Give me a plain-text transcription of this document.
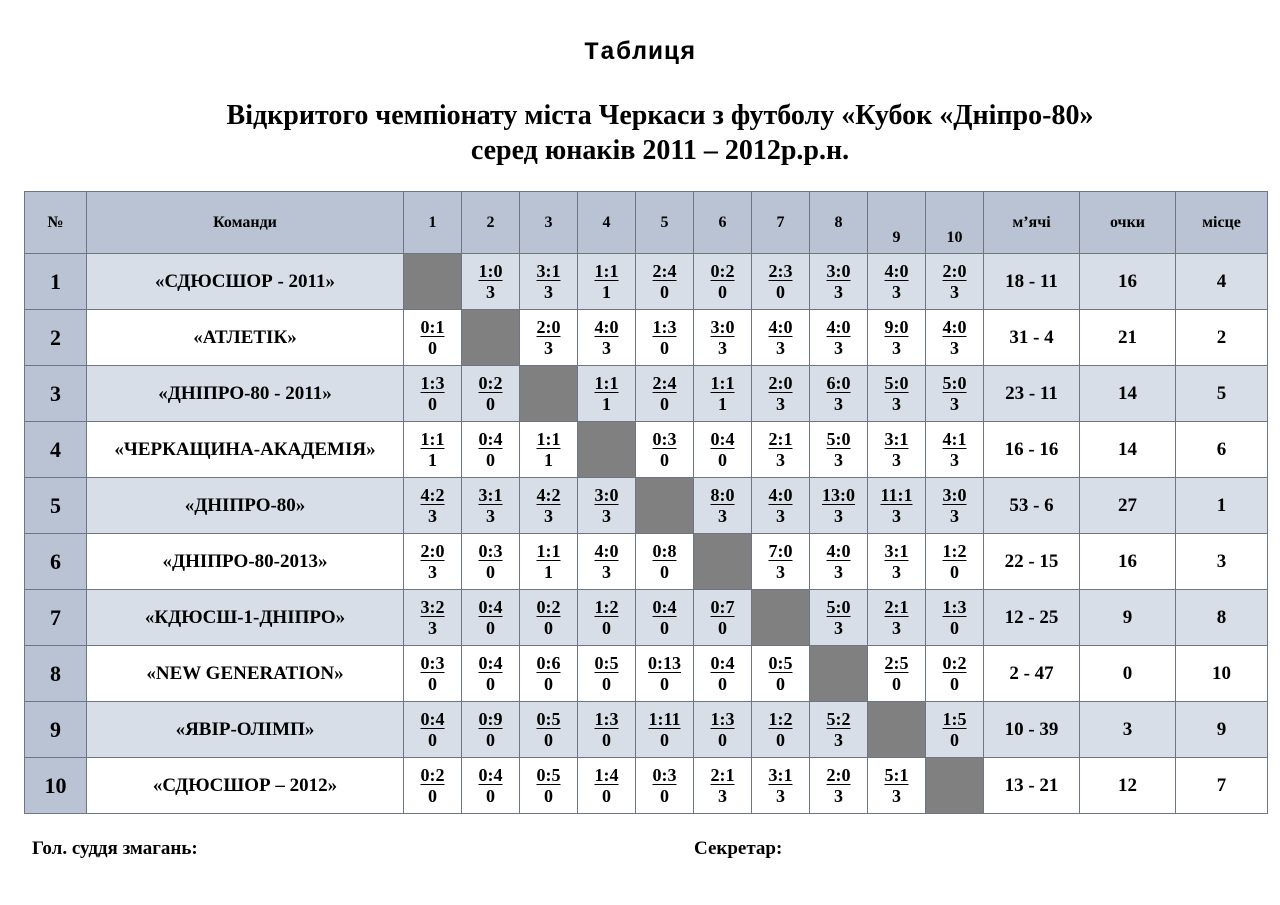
Таблиця
Відкритого чемпіонату міста Черкаси з футболу «Кубок «Дніпро-80»
серед юнаків 2011 – 2012р.р.н.
№	Команди	1	2	3	4	5	6	7	8	9	10	м’ячі	очки	місце
1	«СДЮСШОР - 2011»		$\frac{1:0}{3}$	$\frac{3:1}{3}$	$\frac{1:1}{1}$	$\frac{2:4}{0}$	$\frac{0:2}{0}$	$\frac{2:3}{0}$	$\frac{3:0}{3}$	$\frac{4:0}{3}$	$\frac{2:0}{3}$	18 - 11	16	4
2	«АТЛЕТІК»	$\frac{0:1}{0}$		$\frac{2:0}{3}$	$\frac{4:0}{3}$	$\frac{1:3}{0}$	$\frac{3:0}{3}$	$\frac{4:0}{3}$	$\frac{4:0}{3}$	$\frac{9:0}{3}$	$\frac{4:0}{3}$	31 - 4	21	2
3	«ДНІПРО-80 - 2011»	$\frac{1:3}{0}$	$\frac{0:2}{0}$		$\frac{1:1}{1}$	$\frac{2:4}{0}$	$\frac{1:1}{1}$	$\frac{2:0}{3}$	$\frac{6:0}{3}$	$\frac{5:0}{3}$	$\frac{5:0}{3}$	23 - 11	14	5
4	«ЧЕРКАЩИНА-АКАДЕМІЯ»	$\frac{1:1}{1}$	$\frac{0:4}{0}$	$\frac{1:1}{1}$		$\frac{0:3}{0}$	$\frac{0:4}{0}$	$\frac{2:1}{3}$	$\frac{5:0}{3}$	$\frac{3:1}{3}$	$\frac{4:1}{3}$	16 - 16	14	6
5	«ДНІПРО-80»	$\frac{4:2}{3}$	$\frac{3:1}{3}$	$\frac{4:2}{3}$	$\frac{3:0}{3}$		$\frac{8:0}{3}$	$\frac{4:0}{3}$	$\frac{13:0}{3}$	$\frac{11:1}{3}$	$\frac{3:0}{3}$	53 - 6	27	1
6	«ДНІПРО-80-2013»	$\frac{2:0}{3}$	$\frac{0:3}{0}$	$\frac{1:1}{1}$	$\frac{4:0}{3}$	$\frac{0:8}{0}$		$\frac{7:0}{3}$	$\frac{4:0}{3}$	$\frac{3:1}{3}$	$\frac{1:2}{0}$	22 - 15	16	3
7	«КДЮСШ-1-ДНІПРО»	$\frac{3:2}{3}$	$\frac{0:4}{0}$	$\frac{0:2}{0}$	$\frac{1:2}{0}$	$\frac{0:4}{0}$	$\frac{0:7}{0}$		$\frac{5:0}{3}$	$\frac{2:1}{3}$	$\frac{1:3}{0}$	12 - 25	9	8
8	«NEW GENERATION»	$\frac{0:3}{0}$	$\frac{0:4}{0}$	$\frac{0:6}{0}$	$\frac{0:5}{0}$	$\frac{0:13}{0}$	$\frac{0:4}{0}$	$\frac{0:5}{0}$		$\frac{2:5}{0}$	$\frac{0:2}{0}$	2 - 47	0	10
9	«ЯВІР-ОЛІМП»	$\frac{0:4}{0}$	$\frac{0:9}{0}$	$\frac{0:5}{0}$	$\frac{1:3}{0}$	$\frac{1:11}{0}$	$\frac{1:3}{0}$	$\frac{1:2}{0}$	$\frac{5:2}{3}$		$\frac{1:5}{0}$	10 - 39	3	9
10	«СДЮСШОР – 2012»	$\frac{0:2}{0}$	$\frac{0:4}{0}$	$\frac{0:5}{0}$	$\frac{1:4}{0}$	$\frac{0:3}{0}$	$\frac{2:1}{3}$	$\frac{3:1}{3}$	$\frac{2:0}{3}$	$\frac{5:1}{3}$		13 - 21	12	7
Гол. суддя змагань:	Секретар:
